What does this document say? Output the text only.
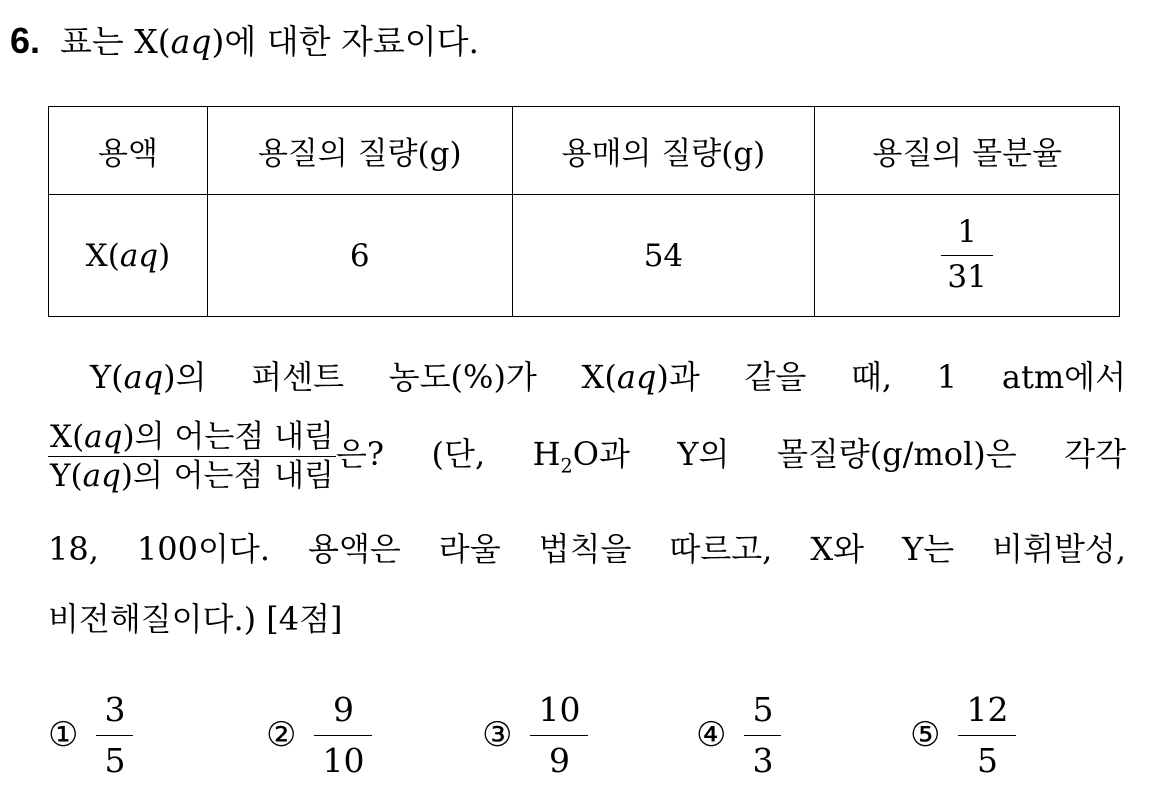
6. 표는 X(aq)에 대한 자료이다.
용액	용질의 질량(g)	용매의 질량(g)	용질의 몰분율
X(aq)	6	54	$\frac{1}{31}$
Y(aq)의 퍼센트 농도(%)가 X(aq)과 같을 때, 1 atm에서
$\frac{\text{X(aq)의 어는점 내림}}{\text{Y(aq)의 어는점 내림}}$ 은? (단, $H_2O$과 Y의 몰질량(g/mol)은 각각
18, 100이다. 용액은 라울 법칙을 따르고, X와 Y는 비휘발성,
비전해질이다.) [4점]
① $\frac{3}{5}$	② $\frac{9}{10}$	③ $\frac{10}{9}$	④ $\frac{5}{3}$	⑤ $\frac{12}{5}$
